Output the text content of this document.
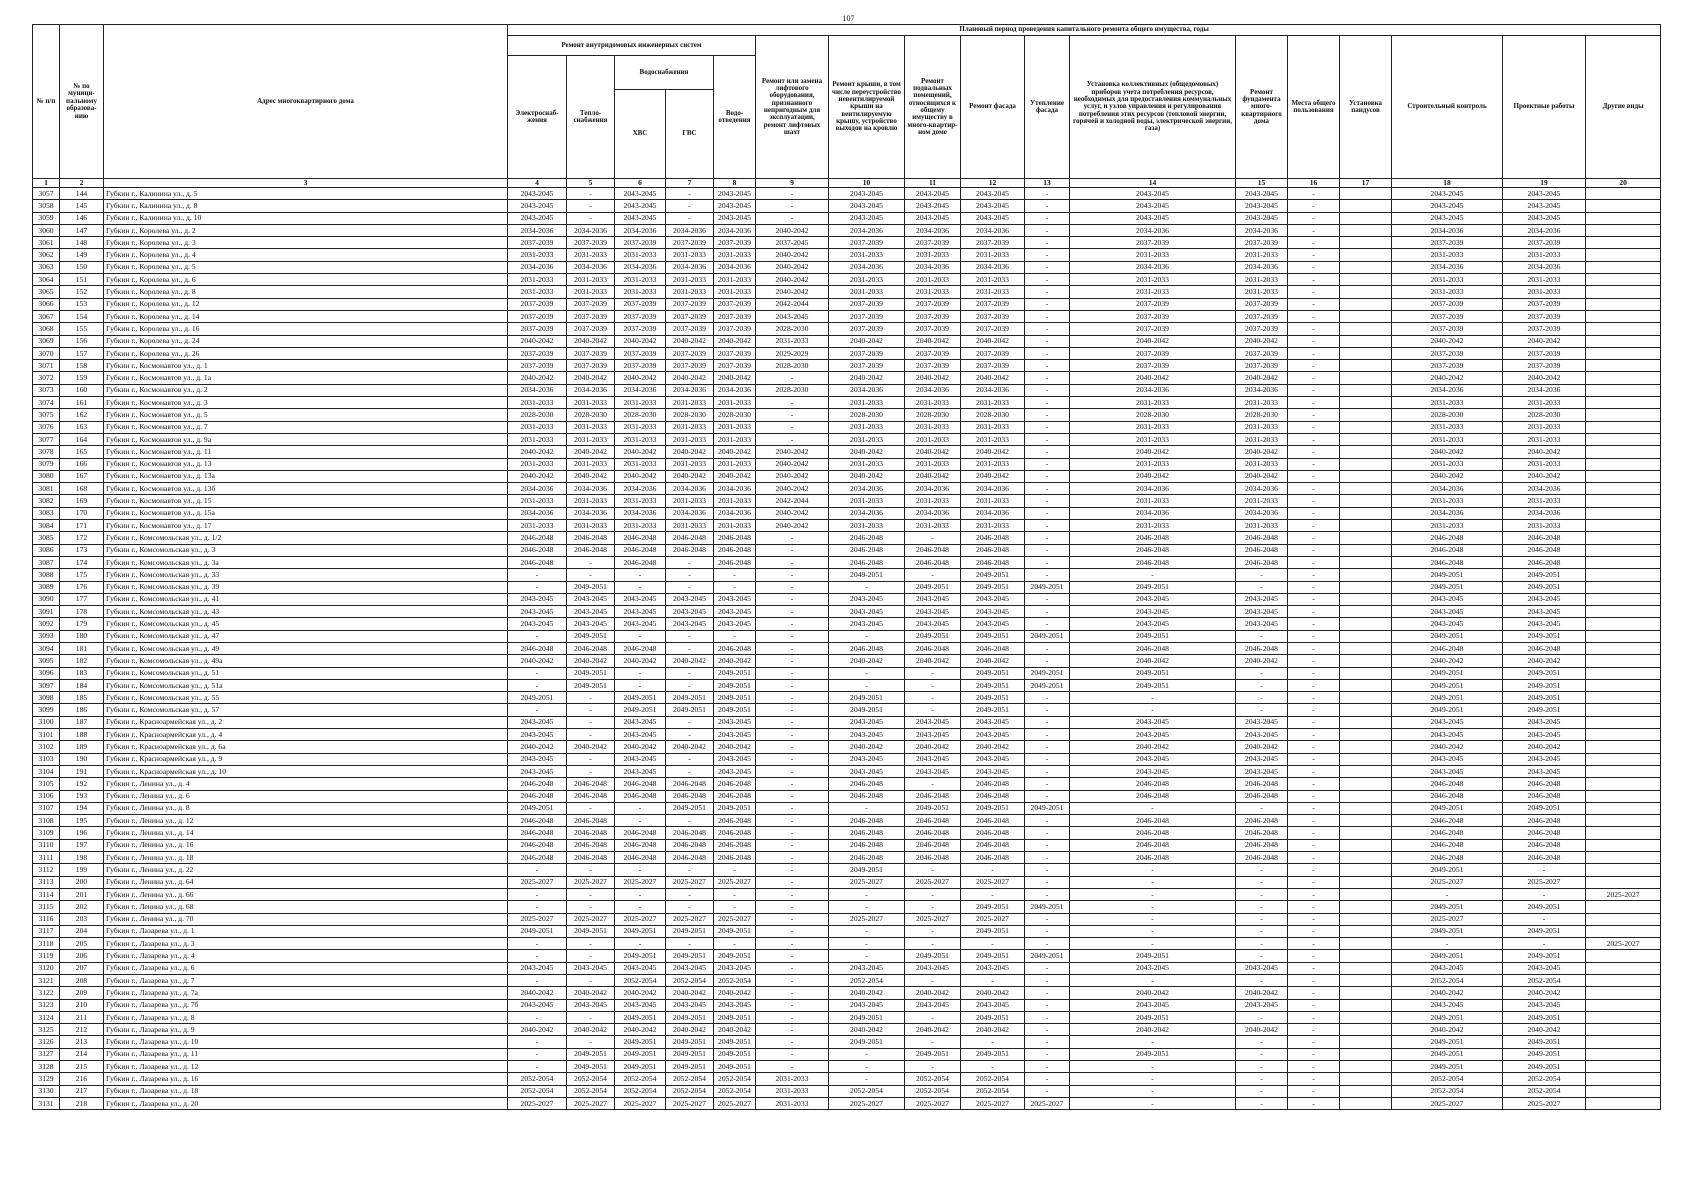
107
№ п/п	№ по муници-пальному образова-нию	Адрес многоквартирного дома	Плановый период проведения капитального ремонта общего имущества, годы																
			Ремонт внутридомовых инженерных систем					Ремонт или замена лифтового оборудования, признанного непригодным для эксплуатации, ремонт лифтовых шахт	Ремонт крыши, в том числе переустройство невентилируемой крыши на вентилируемую крышу, устройство выходов на кровлю	Ремонт подвальных помещений, относящихся к общему имуществу в много-квартир-ном доме	Ремонт фасада	Утепление фасада	Установка коллективных (общедомовых) приборов учета потребления ресурсов, необходимых для предоставления коммунальных услуг, и узлов управления и регулирования потребления этих ресурсов (тепловой энергии, горячей и холодной воды, электрической энергии, газа)	Ремонт фундамента много-квартирного дома	Места общего пользования	Установка пандусов	Строительный контроль	Проектные работы	Другие виды
			Электроснаб-жения	Тепло-снабжения	Водоснабжения		Водо-отведения												
					ХВС	ГВС													
1	2	3	4	5	6	7	8	9	10	11	12	13	14	15	16	17	18	19	20
3057	144	Губкин г., Калинина ул., д. 5	2043-2045	-	2043-2045	-	2043-2045	-	2043-2045	2043-2045	2043-2045	-	2043-2045	2043-2045	-		2043-2045	2043-2045	
3058	145	Губкин г., Калинина ул., д. 8	2043-2045	-	2043-2045	-	2043-2045	-	2043-2045	2043-2045	2043-2045	-	2043-2045	2043-2045	-		2043-2045	2043-2045	
3059	146	Губкин г., Калинина ул., д. 10	2043-2045	-	2043-2045	-	2043-2045	-	2043-2045	2043-2045	2043-2045	-	2043-2045	2043-2045	-		2043-2045	2043-2045	
3060	147	Губкин г., Королева ул., д. 2	2034-2036	2034-2036	2034-2036	2034-2036	2034-2036	2040-2042	2034-2036	2034-2036	2034-2036	-	2034-2036	2034-2036	-		2034-2036	2034-2036	
3061	148	Губкин г., Королева ул., д. 3	2037-2039	2037-2039	2037-2039	2037-2039	2037-2039	2037-2045	2037-2039	2037-2039	2037-2039	-	2037-2039	2037-2039	-		2037-2039	2037-2039	
3062	149	Губкин г., Королева ул., д. 4	2031-2033	2031-2033	2031-2033	2031-2033	2031-2033	2040-2042	2031-2033	2031-2033	2031-2033	-	2031-2033	2031-2033	-		2031-2033	2031-2033	
3063	150	Губкин г., Королева ул., д. 5	2034-2036	2034-2036	2034-2036	2034-2036	2034-2036	2040-2042	2034-2036	2034-2036	2034-2036	-	2034-2036	2034-2036	-		2034-2036	2034-2036	
3064	151	Губкин г., Королева ул., д. 6	2031-2033	2031-2033	2031-2033	2031-2033	2031-2033	2040-2042	2031-2033	2031-2033	2031-2033	-	2031-2033	2031-2033	-		2031-2033	2031-2033	
3065	152	Губкин г., Королева ул., д. 8	2031-2033	2031-2033	2031-2033	2031-2033	2031-2033	2040-2042	2031-2033	2031-2033	2031-2033	-	2031-2033	2031-2033	-		2031-2033	2031-2033	
3066	153	Губкин г., Королева ул., д. 12	2037-2039	2037-2039	2037-2039	2037-2039	2037-2039	2042-2044	2037-2039	2037-2039	2037-2039	-	2037-2039	2037-2039	-		2037-2039	2037-2039	
3067	154	Губкин г., Королева ул., д. 14	2037-2039	2037-2039	2037-2039	2037-2039	2037-2039	2043-2045	2037-2039	2037-2039	2037-2039	-	2037-2039	2037-2039	-		2037-2039	2037-2039	
3068	155	Губкин г., Королева ул., д. 16	2037-2039	2037-2039	2037-2039	2037-2039	2037-2039	2028-2030	2037-2039	2037-2039	2037-2039	-	2037-2039	2037-2039	-		2037-2039	2037-2039	
3069	156	Губкин г., Королева ул., д. 24	2040-2042	2040-2042	2040-2042	2040-2042	2040-2042	2031-2033	2040-2042	2040-2042	2040-2042	-	2040-2042	2040-2042	-		2040-2042	2040-2042	
3070	157	Губкин г., Королева ул., д. 26	2037-2039	2037-2039	2037-2039	2037-2039	2037-2039	2029-2029	2037-2039	2037-2039	2037-2039	-	2037-2039	2037-2039	-		2037-2039	2037-2039	
3071	158	Губкин г., Космонавтов ул., д. 1	2037-2039	2037-2039	2037-2039	2037-2039	2037-2039	2028-2030	2037-2039	2037-2039	2037-2039	-	2037-2039	2037-2039	-		2037-2039	2037-2039	
3072	159	Губкин г., Космонавтов ул., д. 1а	2040-2042	2040-2042	2040-2042	2040-2042	2040-2042	-	2040-2042	2040-2042	2040-2042	-	2040-2042	2040-2042	-		2040-2042	2040-2042	
3073	160	Губкин г., Космонавтов ул., д. 2	2034-2036	2034-2036	2034-2036	2034-2036	2034-2036	2028-2030	2034-2036	2034-2036	2034-2036	-	2034-2036	2034-2036	-		2034-2036	2034-2036	
3074	161	Губкин г., Космонавтов ул., д. 3	2031-2033	2031-2033	2031-2033	2031-2033	2031-2033	-	2031-2033	2031-2033	2031-2033	-	2031-2033	2031-2033	-		2031-2033	2031-2033	
3075	162	Губкин г., Космонавтов ул., д. 5	2028-2030	2028-2030	2028-2030	2028-2030	2028-2030	-	2028-2030	2028-2030	2028-2030	-	2028-2030	2028-2030	-		2028-2030	2028-2030	
3076	163	Губкин г., Космонавтов ул., д. 7	2031-2033	2031-2033	2031-2033	2031-2033	2031-2033	-	2031-2033	2031-2033	2031-2033	-	2031-2033	2031-2033	-		2031-2033	2031-2033	
3077	164	Губкин г., Космонавтов ул., д. 9а	2031-2033	2031-2033	2031-2033	2031-2033	2031-2033	-	2031-2033	2031-2033	2031-2033	-	2031-2033	2031-2033	-		2031-2033	2031-2033	
3078	165	Губкин г., Космонавтов ул., д. 11	2040-2042	2040-2042	2040-2042	2040-2042	2040-2042	2040-2042	2040-2042	2040-2042	2040-2042	-	2040-2042	2040-2042	-		2040-2042	2040-2042	
3079	166	Губкин г., Космонавтов ул., д. 13	2031-2033	2031-2033	2031-2033	2031-2033	2031-2033	2040-2042	2031-2033	2031-2033	2031-2033	-	2031-2033	2031-2033	-		2031-2033	2031-2033	
3080	167	Губкин г., Космонавтов ул., д. 13а	2040-2042	2040-2042	2040-2042	2040-2042	2040-2042	2040-2042	2040-2042	2040-2042	2040-2042	-	2040-2042	2040-2042	-		2040-2042	2040-2042	
3081	168	Губкин г., Космонавтов ул., д. 13б	2034-2036	2034-2036	2034-2036	2034-2036	2034-2036	2040-2042	2034-2036	2034-2036	2034-2036	-	2034-2036	2034-2036	-		2034-2036	2034-2036	
3082	169	Губкин г., Космонавтов ул., д. 15	2031-2033	2031-2033	2031-2033	2031-2033	2031-2033	2042-2044	2031-2033	2031-2033	2031-2033	-	2031-2033	2031-2033	-		2031-2033	2031-2033	
3083	170	Губкин г., Космонавтов ул., д. 15а	2034-2036	2034-2036	2034-2036	2034-2036	2034-2036	2040-2042	2034-2036	2034-2036	2034-2036	-	2034-2036	2034-2036	-		2034-2036	2034-2036	
3084	171	Губкин г., Космонавтов ул., д. 17	2031-2033	2031-2033	2031-2033	2031-2033	2031-2033	2040-2042	2031-2033	2031-2033	2031-2033	-	2031-2033	2031-2033	-		2031-2033	2031-2033	
3085	172	Губкин г., Комсомольская ул., д. 1/2	2046-2048	2046-2048	2046-2048	2046-2048	2046-2048	-	2046-2048	-	2046-2048	-	2046-2048	2046-2048	-		2046-2048	2046-2048	
3086	173	Губкин г., Комсомольская ул., д. 3	2046-2048	2046-2048	2046-2048	2046-2048	2046-2048	-	2046-2048	2046-2048	2046-2048	-	2046-2048	2046-2048	-		2046-2048	2046-2048	
3087	174	Губкин г., Комсомольская ул., д. 3а	2046-2048	-	2046-2048	-	2046-2048	-	2046-2048	2046-2048	2046-2048	-	2046-2048	2046-2048	-		2046-2048	2046-2048	
3088	175	Губкин г., Комсомольская ул., д. 33	-	-	-	-	-	-	2049-2051	-	2049-2051	-	-	-	-		2049-2051	2049-2051	
3089	176	Губкин г., Комсомольская ул., д. 39	-	2049-2051	-	-	-	-	-	2049-2051	2049-2051	2049-2051	2049-2051	-	-		2049-2051	2049-2051	
3090	177	Губкин г., Комсомольская ул., д. 41	2043-2045	2043-2045	2043-2045	2043-2045	2043-2045	-	2043-2045	2043-2045	2043-2045	-	2043-2045	2043-2045	-		2043-2045	2043-2045	
3091	178	Губкин г., Комсомольская ул., д. 43	2043-2045	2043-2045	2043-2045	2043-2045	2043-2045	-	2043-2045	2043-2045	2043-2045	-	2043-2045	2043-2045	-		2043-2045	2043-2045	
3092	179	Губкин г., Комсомольская ул., д. 45	2043-2045	2043-2045	2043-2045	2043-2045	2043-2045	-	2043-2045	2043-2045	2043-2045	-	2043-2045	2043-2045	-		2043-2045	2043-2045	
3093	180	Губкин г., Комсомольская ул., д. 47	-	2049-2051	-	-	-	-	-	2049-2051	2049-2051	2049-2051	2049-2051	-	-		2049-2051	2049-2051	
3094	181	Губкин г., Комсомольская ул., д. 49	2046-2048	2046-2048	2046-2048	-	2046-2048	-	2046-2048	2046-2048	2046-2048	-	2046-2048	2046-2048	-		2046-2048	2046-2048	
3095	182	Губкин г., Комсомольская ул., д. 49а	2040-2042	2040-2042	2040-2042	2040-2042	2040-2042	-	2040-2042	2040-2042	2040-2042	-	2040-2042	2040-2042	-		2040-2042	2040-2042	
3096	183	Губкин г., Комсомольская ул., д. 51	-	2049-2051	-	-	2049-2051	-	-	-	2049-2051	2049-2051	2049-2051	-	-		2049-2051	2049-2051	
3097	184	Губкин г., Комсомольская ул., д. 51а	-	2049-2051	-	-	2049-2051	-	-	-	2049-2051	2049-2051	2049-2051	-	-		2049-2051	2049-2051	
3098	185	Губкин г., Комсомольская ул., д. 55	2049-2051	-	2049-2051	2049-2051	2049-2051	-	2049-2051	-	2049-2051	-	-	-	-		2049-2051	2049-2051	
3099	186	Губкин г., Комсомольская ул., д. 57	-	-	2049-2051	2049-2051	2049-2051	-	2049-2051	-	2049-2051	-	-	-	-		2049-2051	2049-2051	
3100	187	Губкин г., Красноармейская ул., д. 2	2043-2045	-	2043-2045	-	2043-2045	-	2043-2045	2043-2045	2043-2045	-	2043-2045	2043-2045	-		2043-2045	2043-2045	
3101	188	Губкин г., Красноармейская ул., д. 4	2043-2045	-	2043-2045	-	2043-2045	-	2043-2045	2043-2045	2043-2045	-	2043-2045	2043-2045	-		2043-2045	2043-2045	
3102	189	Губкин г., Красноармейская ул., д. 6а	2040-2042	2040-2042	2040-2042	2040-2042	2040-2042	-	2040-2042	2040-2042	2040-2042	-	2040-2042	2040-2042	-		2040-2042	2040-2042	
3103	190	Губкин г., Красноармейская ул., д. 9	2043-2045	-	2043-2045	-	2043-2045	-	2043-2045	2043-2045	2043-2045	-	2043-2045	2043-2045	-		2043-2045	2043-2045	
3104	191	Губкин г., Красноармейская ул., д. 10	2043-2045	-	2043-2045	-	2043-2045	-	2043-2045	2043-2045	2043-2045	-	2043-2045	2043-2045	-		2043-2045	2043-2045	
3105	192	Губкин г., Ленина ул., д. 4	2046-2048	2046-2048	2046-2048	2046-2048	2046-2048	-	2046-2048	-	2046-2048	-	2046-2048	2046-2048	-		2046-2048	2046-2048	
3106	193	Губкин г., Ленина ул., д. 6	2046-2048	2046-2048	2046-2048	2046-2048	2046-2048	-	2046-2048	2046-2048	2046-2048	-	2046-2048	2046-2048	-		2046-2048	2046-2048	
3107	194	Губкин г., Ленина ул., д. 8	2049-2051	-	-	2049-2051	2049-2051	-	-	2049-2051	2049-2051	2049-2051	-	-	-		2049-2051	2049-2051	
3108	195	Губкин г., Ленина ул., д. 12	2046-2048	2046-2048	-	-	2046-2048	-	2046-2048	2046-2048	2046-2048	-	2046-2048	2046-2048	-		2046-2048	2046-2048	
3109	196	Губкин г., Ленина ул., д. 14	2046-2048	2046-2048	2046-2048	2046-2048	2046-2048	-	2046-2048	2046-2048	2046-2048	-	2046-2048	2046-2048	-		2046-2048	2046-2048	
3110	197	Губкин г., Ленина ул., д. 16	2046-2048	2046-2048	2046-2048	2046-2048	2046-2048	-	2046-2048	2046-2048	2046-2048	-	2046-2048	2046-2048	-		2046-2048	2046-2048	
3111	198	Губкин г., Ленина ул., д. 18	2046-2048	2046-2048	2046-2048	2046-2048	2046-2048	-	2046-2048	2046-2048	2046-2048	-	2046-2048	2046-2048	-		2046-2048	2046-2048	
3112	199	Губкин г., Ленина ул., д. 22	-	-	-	-	-	-	2049-2051	-	-	-	-	-	-		2049-2051	-	
3113	200	Губкин г., Ленина ул., д. 64	2025-2027	2025-2027	2025-2027	2025-2027	2025-2027	-	2025-2027	2025-2027	2025-2027	-	-	-	-		2025-2027	2025-2027	
3114	201	Губкин г., Ленина ул., д. 66	-	-	-	-	-	-	-	-	-	-	-	-	-		-	-	2025-2027
3115	202	Губкин г., Ленина ул., д. 68	-	-	-	-	-	-	-	-	2049-2051	2049-2051	-	-	-		2049-2051	2049-2051	
3116	203	Губкин г., Ленина ул., д. 70	2025-2027	2025-2027	2025-2027	2025-2027	2025-2027	-	2025-2027	2025-2027	2025-2027	-	-	-	-		2025-2027	-	
3117	204	Губкин г., Лазарева ул., д. 1	2049-2051	2049-2051	2049-2051	2049-2051	2049-2051	-	-	-	2049-2051	-	-	-	-		2049-2051	2049-2051	
3118	205	Губкин г., Лазарева ул., д. 3	-	-	-	-	-	-	-	-	-	-	-	-	-		-	-	2025-2027
3119	206	Губкин г., Лазарева ул., д. 4	-	-	2049-2051	2049-2051	2049-2051	-	-	2049-2051	2049-2051	2049-2051	2049-2051	-	-		2049-2051	2049-2051	
3120	207	Губкин г., Лазарева ул., д. 6	2043-2045	2043-2045	2043-2045	2043-2045	2043-2045	-	2043-2045	2043-2045	2043-2045	-	2043-2045	2043-2045	-		2043-2045	2043-2045	
3121	208	Губкин г., Лазарева ул., д. 7	-	-	2052-2054	2052-2054	2052-2054	-	2052-2054	-	-	-	-	-	-		2052-2054	2052-2054	
3122	209	Губкин г., Лазарева ул., д. 7а	2040-2042	2040-2042	2040-2042	2040-2042	2040-2042	-	2040-2042	2040-2042	2040-2042	-	2040-2042	2040-2042	-		2040-2042	2040-2042	
3123	210	Губкин г., Лазарева ул., д. 7б	2043-2045	2043-2045	2043-2045	2043-2045	2043-2045	-	2043-2045	2043-2045	2043-2045	-	2043-2045	2043-2045	-		2043-2045	2043-2045	
3124	211	Губкин г., Лазарева ул., д. 8	-	-	2049-2051	2049-2051	2049-2051	-	2049-2051	-	2049-2051	-	2049-2051	-	-		2049-2051	2049-2051	
3125	212	Губкин г., Лазарева ул., д. 9	2040-2042	2040-2042	2040-2042	2040-2042	2040-2042	-	2040-2042	2040-2042	2040-2042	-	2040-2042	2040-2042	-		2040-2042	2040-2042	
3126	213	Губкин г., Лазарева ул., д. 10	-	-	2049-2051	2049-2051	2049-2051	-	2049-2051	-	-	-	-	-	-		2049-2051	2049-2051	
3127	214	Губкин г., Лазарева ул., д. 11	-	2049-2051	2049-2051	2049-2051	2049-2051	-	-	2049-2051	2049-2051	-	2049-2051	-	-		2049-2051	2049-2051	
3128	215	Губкин г., Лазарева ул., д. 12	-	2049-2051	2049-2051	2049-2051	2049-2051	-	-	-	-	-	-	-	-		2049-2051	2049-2051	
3129	216	Губкин г., Лазарева ул., д. 16	2052-2054	2052-2054	2052-2054	2052-2054	2052-2054	2031-2033	-	2052-2054	2052-2054	-	-	-	-		2052-2054	2052-2054	
3130	217	Губкин г., Лазарева ул., д. 18	2052-2054	2052-2054	2052-2054	2052-2054	2052-2054	2031-2033	2052-2054	2052-2054	2052-2054	-	-	-	-		2052-2054	2052-2054	
3131	218	Губкин г., Лазарева ул., д. 20	2025-2027	2025-2027	2025-2027	2025-2027	2025-2027	2031-2033	2025-2027	2025-2027	2025-2027	2025-2027	-	-	-		2025-2027	2025-2027	
